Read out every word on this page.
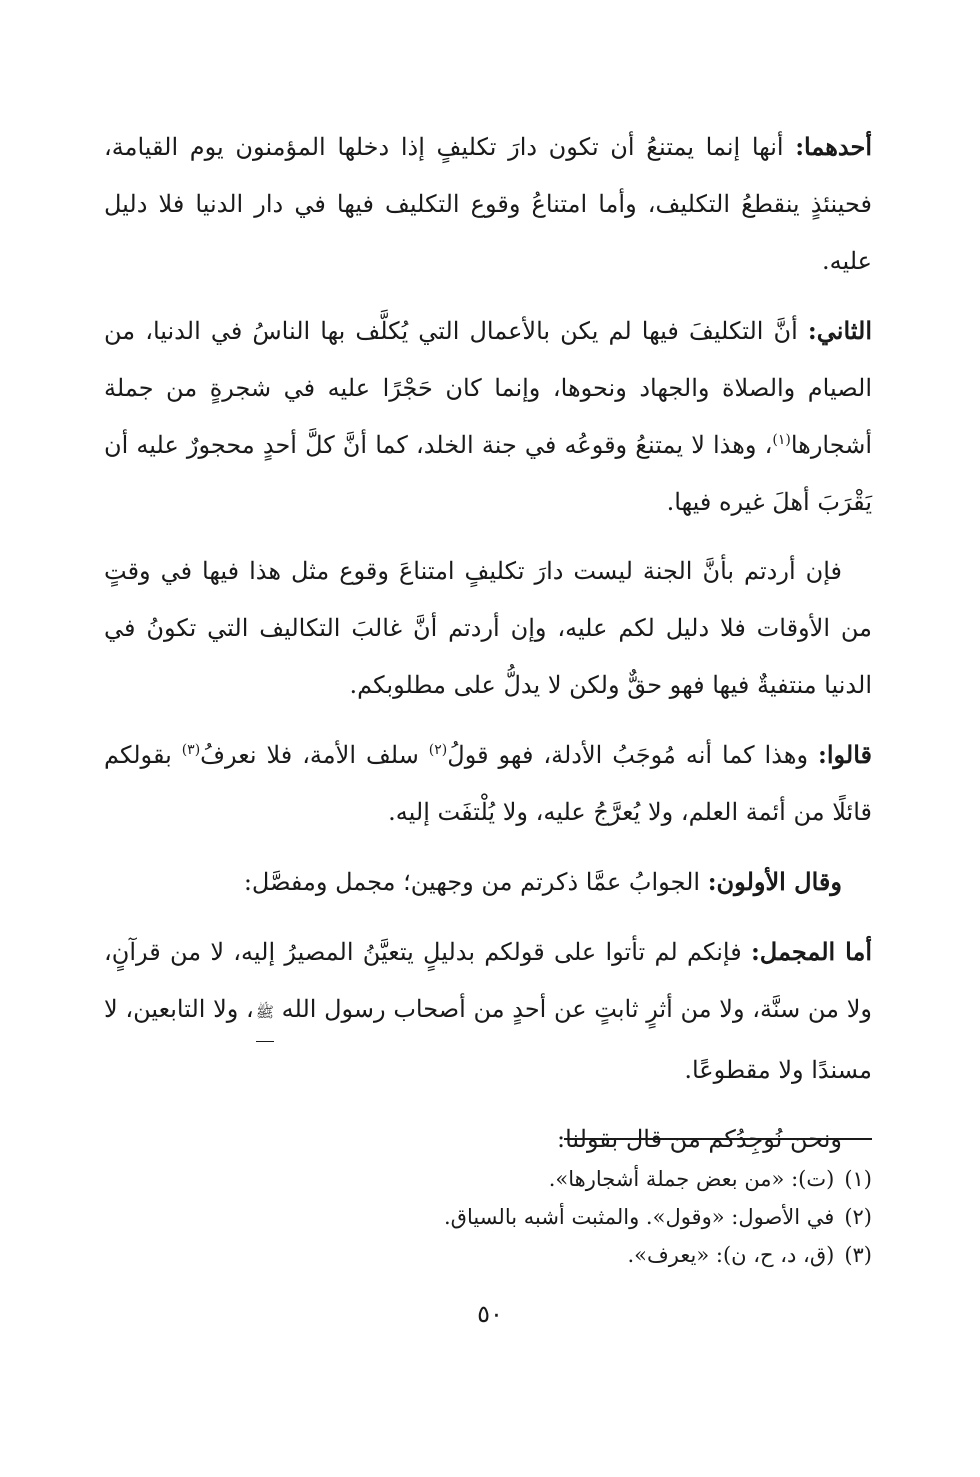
أحدهما: أنها إنما يمتنعُ أن تكون دارَ تكليفٍ إذا دخلها المؤمنون يوم القيامة، فحينئذٍ ينقطعُ التكليف، وأما امتناعُ وقوع التكليف فيها في دار الدنيا فلا دليل عليه.

الثاني: أنَّ التكليفَ فيها لم يكن بالأعمال التي يُكلَّف بها الناسُ في الدنيا، من الصيام والصلاة والجهاد ونحوها، وإنما كان حَجْرًا عليه في شجرةٍ من جملة أشجارها$^{(١)}$، وهذا لا يمتنعُ وقوعُه في جنة الخلد، كما أنَّ كلَّ أحدٍ محجورٌ عليه أن يَقْرَبَ أهلَ غيره فيها.

فإن أردتم بأنَّ الجنة ليست دارَ تكليفٍ امتناعَ وقوع مثل هذا فيها في وقتٍ من الأوقات فلا دليل لكم عليه، وإن أردتم أنَّ غالبَ التكاليف التي تكونُ في الدنيا منتفيةٌ فيها فهو حقٌّ ولكن لا يدلُّ على مطلوبكم.

قالوا: وهذا كما أنه مُوجَبُ الأدلة، فهو قولُ$^{(٢)}$ سلف الأمة، فلا نعرفُ$^{(٣)}$ بقولكم قائلًا من أئمة العلم، ولا يُعرَّجُ عليه، ولا يُلْتفَت إليه.

وقال الأولون: الجوابُ عمَّا ذكرتم من وجهين؛ مجمل ومفصَّل:

أما المجمل: فإنكم لم تأتوا على قولكم بدليلٍ يتعيَّنُ المصيرُ إليه، لا من قرآنٍ، ولا من سنَّة، ولا من أثرٍ ثابتٍ عن أحدٍ من أصحاب رسول الله ﷺ، ولا التابعين، لا مسندًا ولا مقطوعًا.

ونحن نُوجِدُكم من قال بقولنا:

(١)(ت): «من بعض جملة أشجارها».

(٢)في الأصول: «وقول». والمثبت أشبه بالسياق.

(٣)(ق، د، ح، ن): «يعرف».

٥٠
